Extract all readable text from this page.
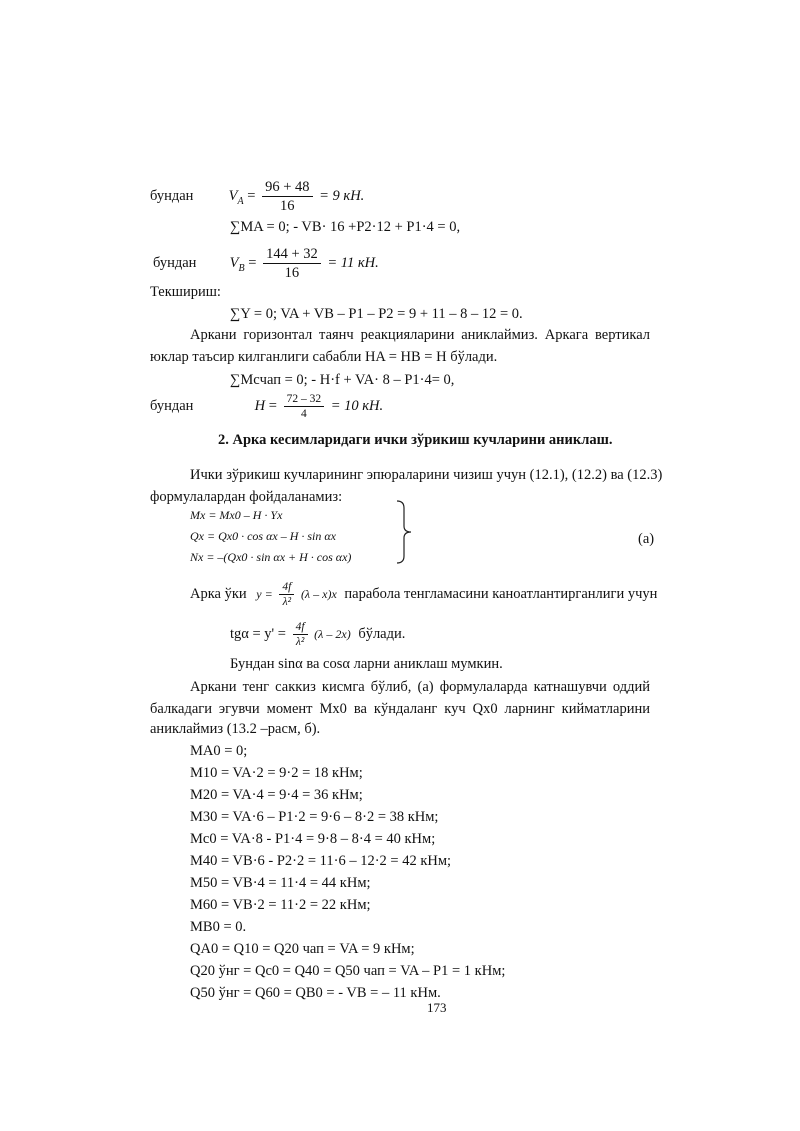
бундан $V_A = \frac{96 + 48}{16} = 9$ кН.
∑MA = 0; - VB· 16 +P2·12 + P1·4 = 0,
бундан $V_B = \frac{144 + 32}{16} = 11$ кН.
Текшириш:
∑Y = 0; VA + VB – P1 – P2 = 9 + 11 – 8 – 12 = 0.
Аркани горизонтал таянч реакцияларини аниклаймиз. Аркага вертикал
юклар таъсир килганлиги сабабли HA = HB = H бўлади.
∑Mcчап = 0; - H·f + VA· 8 – P1·4= 0,
бундан	$H = \frac{72 - 32}{4} = 10$ кН.
2. Арка кесимларидаги ички зўрикиш кучларини аниклаш.
Ички зўрикиш кучларининг эпюраларини чизиш учун (12.1), (12.2) ва (12.3)
формулалардан фойдаланамиз:
Mx = Mx0 – H · Yx
Qx = Qx0 · cos αx – H · sin αx
Nx = –(Qx0 · sin αx + H · cos αx)
(a)
Арка ўки $y = \frac{4f}{\text{λ²}} (\lambda - x)x$ парабола тенгламасини каноатлантирганлиги учун
$tg\alpha = y' = \frac{4f}{\text{λ²}} (\lambda - 2x)$ бўлади.
Бундан sinα ва cosα ларни аниклаш мумкин.
Аркани тенг саккиз кисмга бўлиб, (а) формулаларда катнашувчи оддий
балкадаги эгувчи момент Mx0 ва кўндаланг куч Qx0 ларнинг киймaтларини
аниклаймиз (13.2 –расм, б).
MA0 = 0;
M10 = VA·2 = 9·2 = 18 кНм;
M20 = VA·4 = 9·4 = 36 кНм;
M30 = VA·6 – P1·2 = 9·6 – 8·2 = 38 кНм;
Mc0 = VA·8 - P1·4 = 9·8 – 8·4 = 40 кНм;
M40 = VB·6 - P2·2 = 11·6 – 12·2 = 42 кНм;
M50 = VB·4 = 11·4 = 44 кНм;
M60 = VB·2 = 11·2 = 22 кНм;
MB0 = 0.
QA0 = Q10 = Q20 чап = VA = 9 кНм;
Q20 ўнг = Qc0 = Q40 = Q50 чап = VA – P1 = 1 кНм;
Q50 ўнг = Q60 = QB0 = - VB = – 11 кНм.
173
